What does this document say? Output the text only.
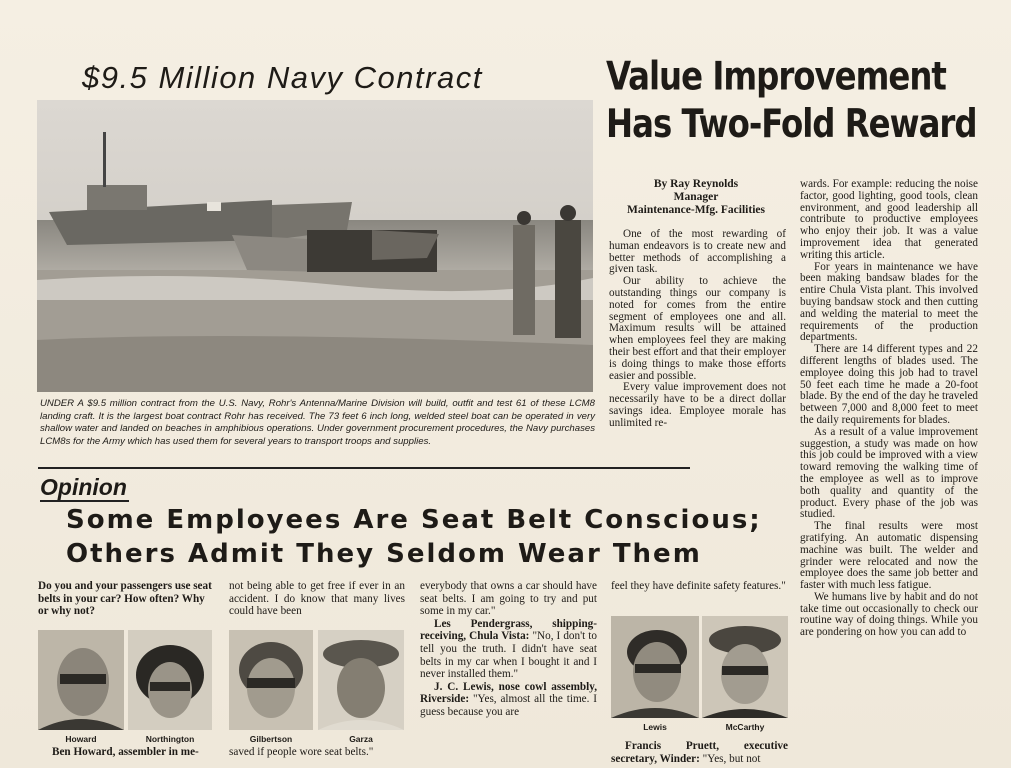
$9.5 Million Navy Contract
UNDER A $9.5 million contract from the U.S. Navy, Rohr's Antenna/Marine Division will build, outfit and test 61 of these LCM8 landing craft. It is the largest boat contract Rohr has received. The 73 feet 6 inch long, welded steel boat can be operated in very shallow water and landed on beaches in amphibious operations. Under government procurement procedures, the Navy purchases LCM8s for the Army which has used them for several years to transport troops and supplies.
Value Improvement
Has Two-Fold Reward
By Ray Reynolds
Manager
Maintenance-Mfg. Facilities

One of the most rewarding of human endeavors is to create new and better methods of accomplishing a given task.

Our ability to achieve the outstanding things our company is noted for comes from the entire segment of employees one and all. Maximum results will be attained when employees feel they are making their best effort and that their employer is doing things to make those efforts easier and possible.

Every value improvement does not necessarily have to be a direct dollar savings idea. Employee morale has unlimited re-

wards. For example: reducing the noise factor, good lighting, good tools, clean environment, and good leadership all contribute to productive employees who enjoy their job. It was a value improvement idea that generated writing this article.

For years in maintenance we have been making bandsaw blades for the entire Chula Vista plant. This involved buying bandsaw stock and then cutting and welding the material to meet the requirements of the production departments.

There are 14 different types and 22 different lengths of blades used. The employee doing this job had to travel 50 feet each time he made a 20-foot blade. By the end of the day he traveled between 7,000 and 8,000 feet to meet the daily requirements for blades.

As a result of a value improvement suggestion, a study was made on how this job could be improved with a view toward removing the walking time of the employee as well as to improve both quality and quantity of the product. Every phase of the job was studied.

The final results were most gratifying. An automatic dispensing machine was built. The welder and grinder were relocated and now the employee does the same job better and faster with much less fatigue.

We humans live by habit and do not take time out occasionally to check our routine way of doing things. While you are pondering on how you can add to

Opinion
Some Employees Are Seat Belt Conscious;
Others Admit They Seldom Wear Them
Do you and your passengers use seat belts in your car? How often? Why or why not?
Howard	Northington
Ben Howard, assembler in me-
not being able to get free if ever in an accident. I do know that many lives could have been
Gilbertson	Garza
saved if people wore seat belts."

everybody that owns a car should have seat belts. I am going to try and put some in my car."

Les Pendergrass, shipping-receiving, Chula Vista: "No, I don't to tell you the truth. I didn't have seat belts in my car when I bought it and I never installed them."

J. C. Lewis, nose cowl assembly, Riverside: "Yes, almost all the time. I guess because you are

feel they have definite safety features."
Lewis	McCarthy
Francis Pruett, executive secretary, Winder: "Yes, but not
